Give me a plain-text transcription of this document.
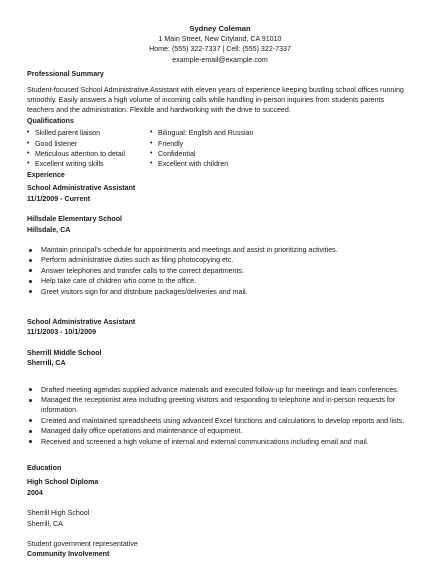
Sydney Coleman
1 Main Street, New Cityland, CA 91010
Home: (555) 322-7337 | Cell: (555) 322-7337
example-email@example.com
Professional Summary

Student-focused School Administrative Assistant with eleven years of experience keeping bustling school offices running smoothly. Easily answers a high volume of incoming calls while handling in-person inquiries from students parents teachers and the administration. Flexible and hardworking with the drive to succeed.

Qualifications
• Skilled parent liaison
• Good listener
• Meticulous attention to detail
• Excellent writing skills
• Bilingual: English and Russian
• Friendly
• Confidential
• Excellent with children
Experience
School Administrative Assistant
11/1/2009 - Current
Hillsdale Elementary School
Hillsdale, CA
Maintain principal's schedule for appointments and meetings and assist in prioritizing activities.
Perform administrative duties such as filing photocopying etc.
Answer telephones and transfer calls to the correct departments.
Help take care of children who come to the office.
Greet visitors sign for and distribute packages/deliveries and mail.
School Administrative Assistant
11/1/2003 - 10/1/2009
Sherrill Middle School
Sherrill, CA
Drafted meeting agendas supplied advance materials and executed follow-up for meetings and team conferences.
Managed the receptionist area including greeting visitors and responding to telephone and in-person requests for information.
Created and maintained spreadsheets using advanced Excel functions and calculations to develop reports and lists.
Managed daily office operations and maintenance of equipment.
Received and screened a high volume of internal and external communications including email and mail.
Education
High School Diploma
2004
Sherrill High School
Sherrill, CA
Student government representative
Community Involvement
